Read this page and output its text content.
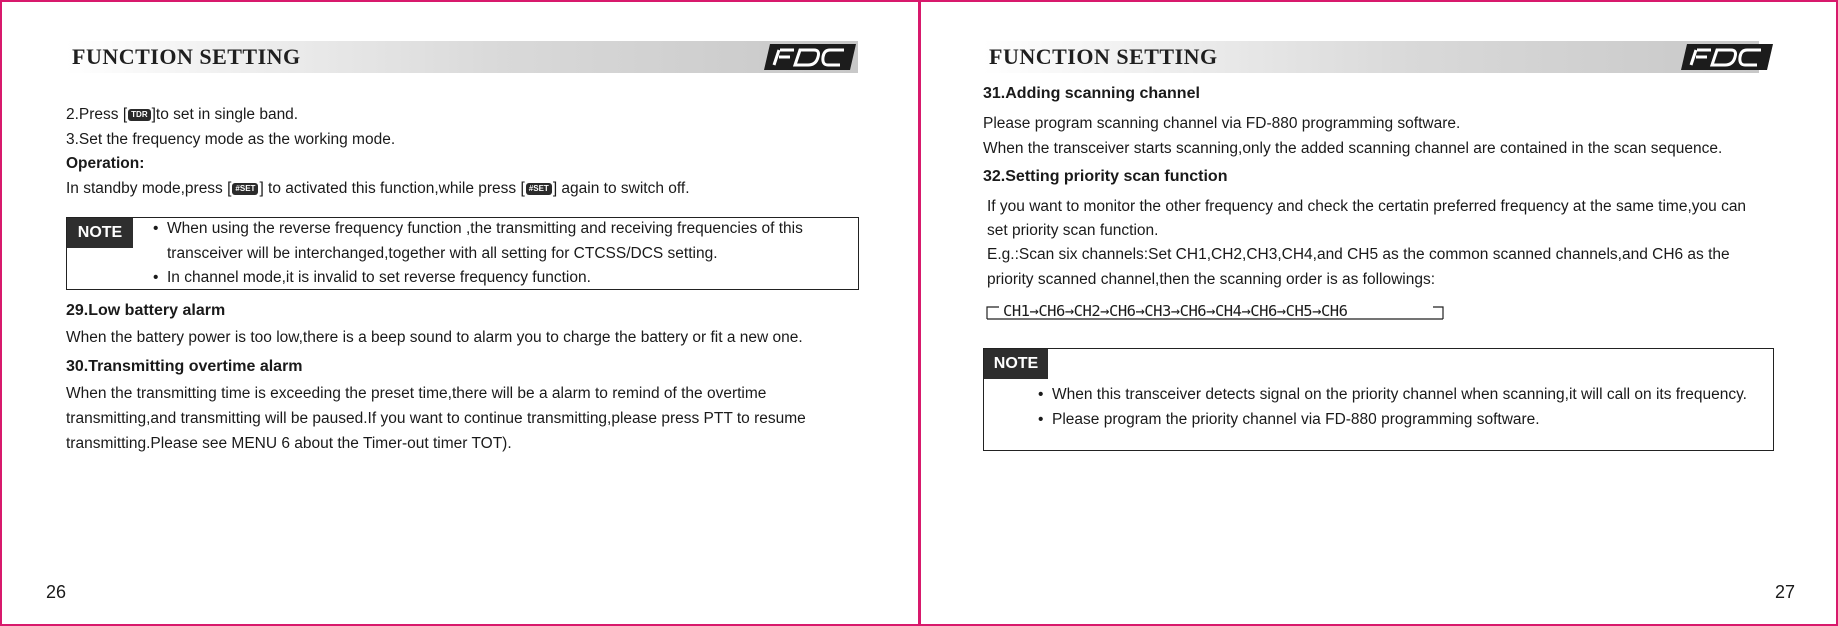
FUNCTION SETTING
2.Press [ TDR ]to set in single band.
3.Set the frequency mode as the working mode.
Operation:
In standby mode,press [ #SET ] to activated this function,while press [ #SET ] again to switch off.
NOTE	• When using the reverse frequency function ,the transmitting and receiving frequencies of this
transceiver will be interchanged,together with all setting for CTCSS/DCS setting.
• In channel mode,it is invalid to set reverse frequency function.
29.Low battery alarm
When the battery power is too low,there is a beep sound to alarm you to charge the battery or fit a new one.
30.Transmitting overtime alarm
When the transmitting time is exceeding the preset time,there will be a alarm to remind of the overtime
transmitting,and transmitting will be paused.If you want to continue transmitting,please press PTT to resume
transmitting.Please see MENU 6 about the Timer-out timer TOT).
26
FUNCTION SETTING
31.Adding scanning channel
Please program scanning channel via FD-880 programming software.
When the transceiver starts scanning,only the added scanning channel are contained in the scan sequence.
32.Setting priority scan function
If you want to monitor the other frequency and check the certatin preferred frequency at the same time,you can
set priority scan function.
E.g.:Scan six channels:Set CH1,CH2,CH3,CH4,and CH5 as the common scanned channels,and CH6 as the
priority scanned channel,then the scanning order is as followings:
CH1→CH6→CH2→CH6→CH3→CH6→CH4→CH6→CH5→CH6
NOTE
• When this transceiver detects signal on the priority channel when scanning,it will call on its frequency.
• Please program the priority channel via FD-880 programming software.
27
